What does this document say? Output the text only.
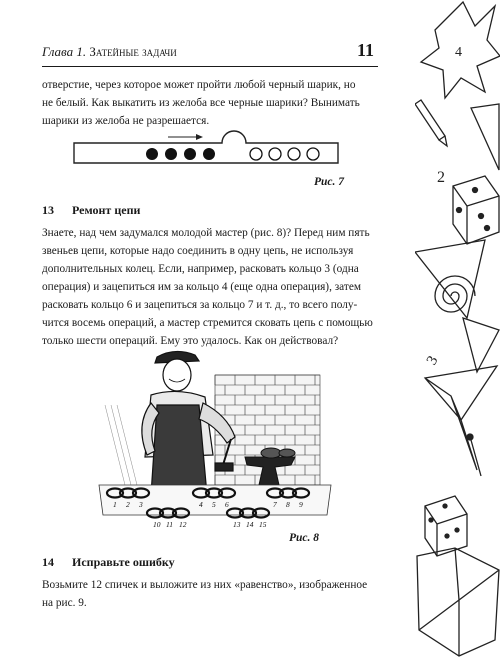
Глава 1. Затейные задачи	11

отверстие, через которое может пройти любой черный шарик, но
не белый. Как выкатить из желоба все черные шарики? Вынимать
шарики из желоба не разрешается.

Рис. 7
13 Ремонт цепи

Знаете, над чем задумался молодой мастер (рис. 8)? Перед ним пять
звеньев цепи, которые надо соединить в одну цепь, не используя
дополнительных колец. Если, например, расковать кольцо 3 (одна
операция) и зацепиться им за кольцо 4 (еще одна операция), затем
расковать кольцо 6 и зацепиться за кольцо 7 и т. д., то всего полу-
чится восемь операций, а мастер стремится сковать цепь с помощью
только шести операций. Ему это удалось. Как он действовал?

1 2 3	4 5 6	7 8 9
10 11 12	13 14 15
Рис. 8
14 Исправьте ошибку

Возьмите 12 спичек и выложите из них «равенство», изображенное
на рис. 9.

4
2
3
